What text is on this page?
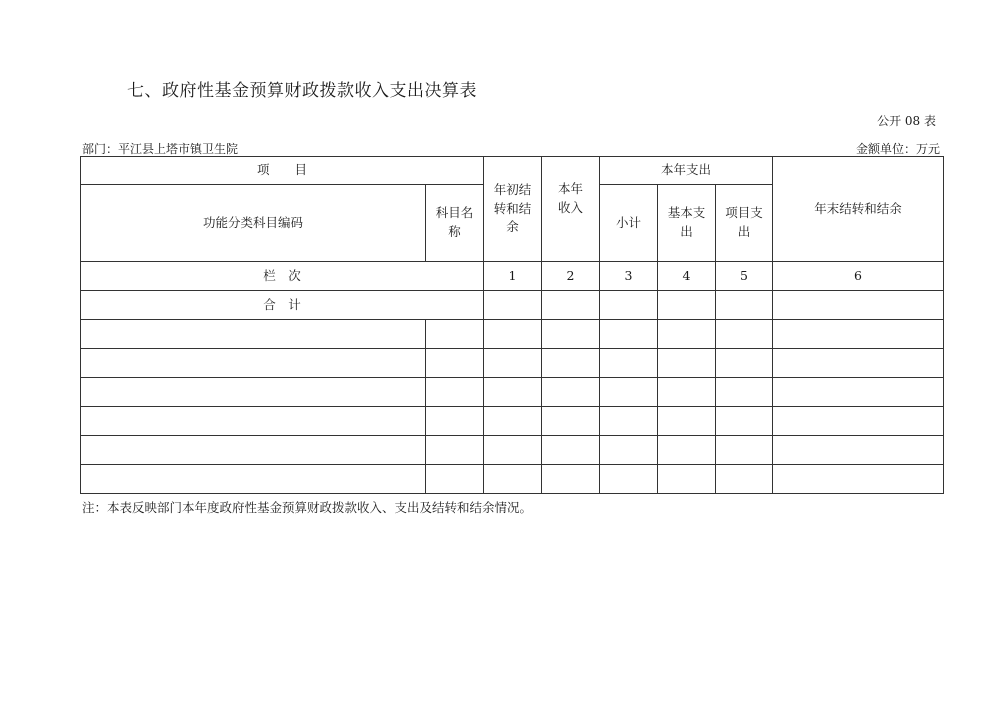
七、政府性基金预算财政拨款收入支出决算表
公开 08 表
部门：平江县上塔市镇卫生院	金额单位：万元
项　　目		年初结转和结余	本年收入	本年支出			年末结转和结余

功能分类科目编码	科目名称			小计	基本支出	项目支出	

栏　次		1	2	3	4	5	6
合　计							

注：本表反映部门本年度政府性基金预算财政拨款收入、支出及结转和结余情况。
